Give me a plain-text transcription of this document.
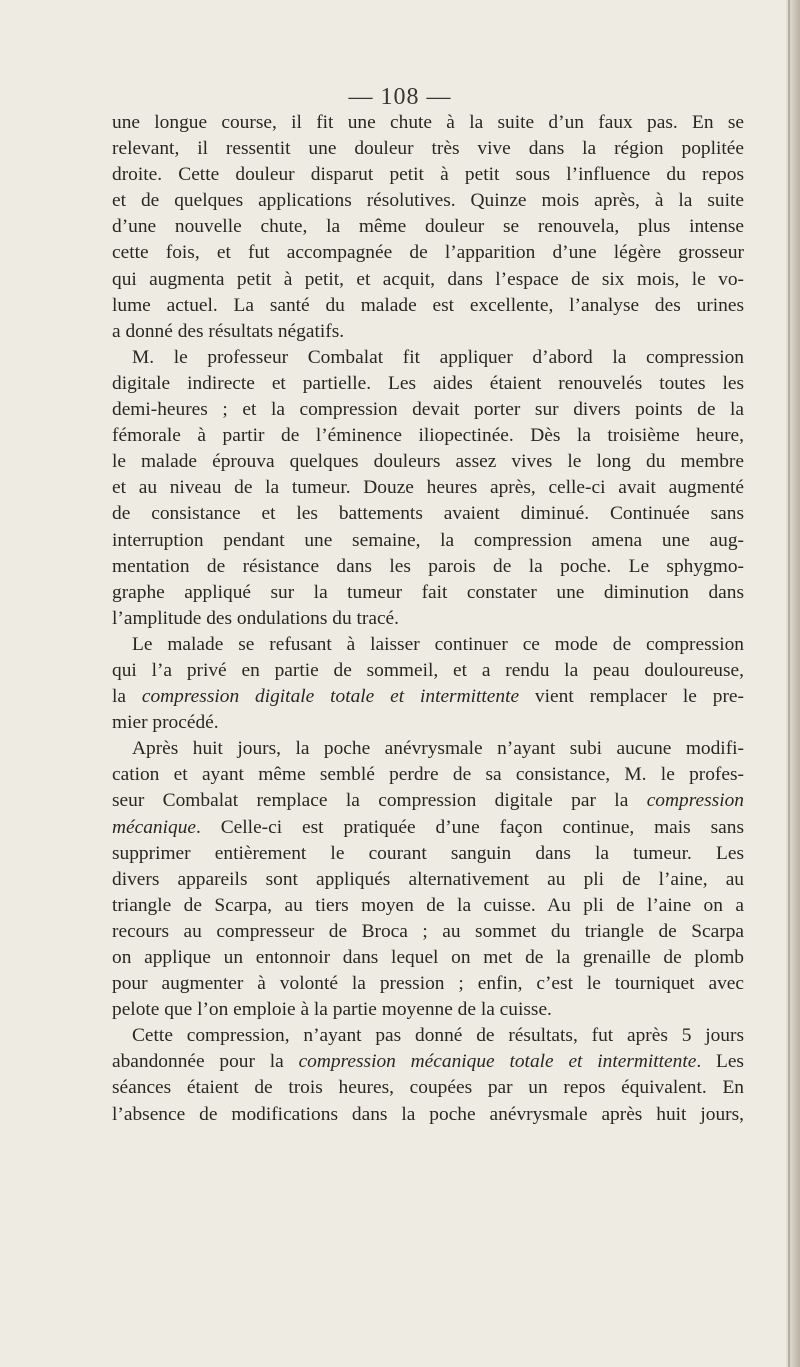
— 108 —
une longue course, il fit une chute à la suite d’un faux pas. En se
relevant, il ressentit une douleur très vive dans la région poplitée
droite. Cette douleur disparut petit à petit sous l’influence du repos
et de quelques applications résolutives. Quinze mois après, à la suite
d’une nouvelle chute, la même douleur se renouvela, plus intense
cette fois, et fut accompagnée de l’apparition d’une légère grosseur
qui augmenta petit à petit, et acquit, dans l’espace de six mois, le vo-
lume actuel. La santé du malade est excellente, l’analyse des urines
a donné des résultats négatifs.
M. le professeur Combalat fit appliquer d’abord la compression
digitale indirecte et partielle. Les aides étaient renouvelés toutes les
demi-heures ; et la compression devait porter sur divers points de la
fémorale à partir de l’éminence iliopectinée. Dès la troisième heure,
le malade éprouva quelques douleurs assez vives le long du membre
et au niveau de la tumeur. Douze heures après, celle-ci avait augmenté
de consistance et les battements avaient diminué. Continuée sans
interruption pendant une semaine, la compression amena une aug-
mentation de résistance dans les parois de la poche. Le sphygmo-
graphe appliqué sur la tumeur fait constater une diminution dans
l’amplitude des ondulations du tracé.
Le malade se refusant à laisser continuer ce mode de compression
qui l’a privé en partie de sommeil, et a rendu la peau douloureuse,
la compression digitale totale et intermittente vient remplacer le pre-
mier procédé.
Après huit jours, la poche anévrysmale n’ayant subi aucune modifi-
cation et ayant même semblé perdre de sa consistance, M. le profes-
seur Combalat remplace la compression digitale par la compression
mécanique. Celle-ci est pratiquée d’une façon continue, mais sans
supprimer entièrement le courant sanguin dans la tumeur. Les
divers appareils sont appliqués alternativement au pli de l’aine, au
triangle de Scarpa, au tiers moyen de la cuisse. Au pli de l’aine on a
recours au compresseur de Broca ; au sommet du triangle de Scarpa
on applique un entonnoir dans lequel on met de la grenaille de plomb
pour augmenter à volonté la pression ; enfin, c’est le tourniquet avec
pelote que l’on emploie à la partie moyenne de la cuisse.
Cette compression, n’ayant pas donné de résultats, fut après 5 jours
abandonnée pour la compression mécanique totale et intermittente. Les
séances étaient de trois heures, coupées par un repos équivalent. En
l’absence de modifications dans la poche anévrysmale après huit jours,
